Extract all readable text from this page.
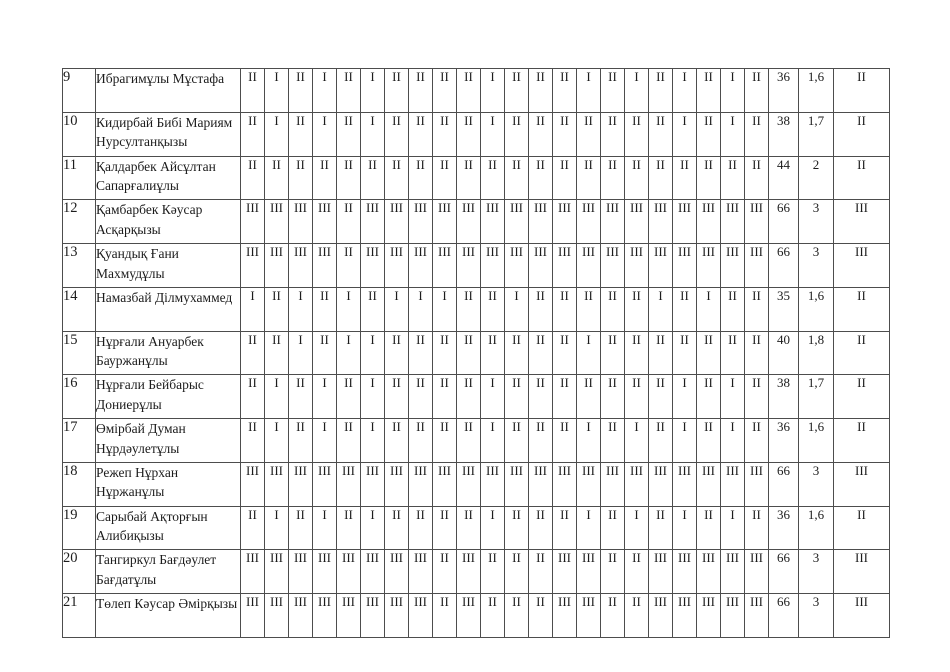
9	Ибрагимұлы Мұстафа	II	I	II	I	II	I	II	II	II	II	I	II	II	II	I	II	I	II	I	II	I	II	36	1,6	II
10	Кидирбай Бибі Мариям Нурсултанқызы	II	I	II	I	II	I	II	II	II	II	I	II	II	II	II	II	II	II	I	II	I	II	38	1,7	II
11	Қалдарбек Айсұлтан Сапарғалиұлы	II	II	II	II	II	II	II	II	II	II	II	II	II	II	II	II	II	II	II	II	II	II	44	2	II
12	Қамбарбек Кәусар Асқарқызы	III	III	III	III	II	III	III	III	III	III	III	III	III	III	III	III	III	III	III	III	III	III	66	3	III
13	Қуандық Ғани Махмудұлы	III	III	III	III	II	III	III	III	III	III	III	III	III	III	III	III	III	III	III	III	III	III	66	3	III
14	Намазбай Ділмухаммед	I	II	I	II	I	II	I	I	I	II	II	I	II	II	II	II	II	I	II	I	II	II	35	1,6	II
15	Нұрғали Ануарбек Бауржанұлы	II	II	I	II	I	I	II	II	II	II	II	II	II	II	I	II	II	II	II	II	II	II	40	1,8	II
16	Нұрғали Бейбарыс Дониерұлы	II	I	II	I	II	I	II	II	II	II	I	II	II	II	II	II	II	II	I	II	I	II	38	1,7	II
17	Өмірбай Думан Нұрдәулетұлы	II	I	II	I	II	I	II	II	II	II	I	II	II	II	I	II	I	II	I	II	I	II	36	1,6	II
18	Режеп Нұрхан Нұржанұлы	III	III	III	III	III	III	III	III	III	III	III	III	III	III	III	III	III	III	III	III	III	III	66	3	III
19	Сарыбай Ақторғын Алибиқызы	II	I	II	I	II	I	II	II	II	II	I	II	II	II	I	II	I	II	I	II	I	II	36	1,6	II
20	Тангиркул Бағдәулет Бағдатұлы	III	III	III	III	III	III	III	III	II	III	II	II	II	III	III	II	II	III	III	III	III	III	66	3	III
21	Төлеп Кәусар Әмірқызы	III	III	III	III	III	III	III	III	II	III	II	II	II	III	III	II	II	III	III	III	III	III	66	3	III
